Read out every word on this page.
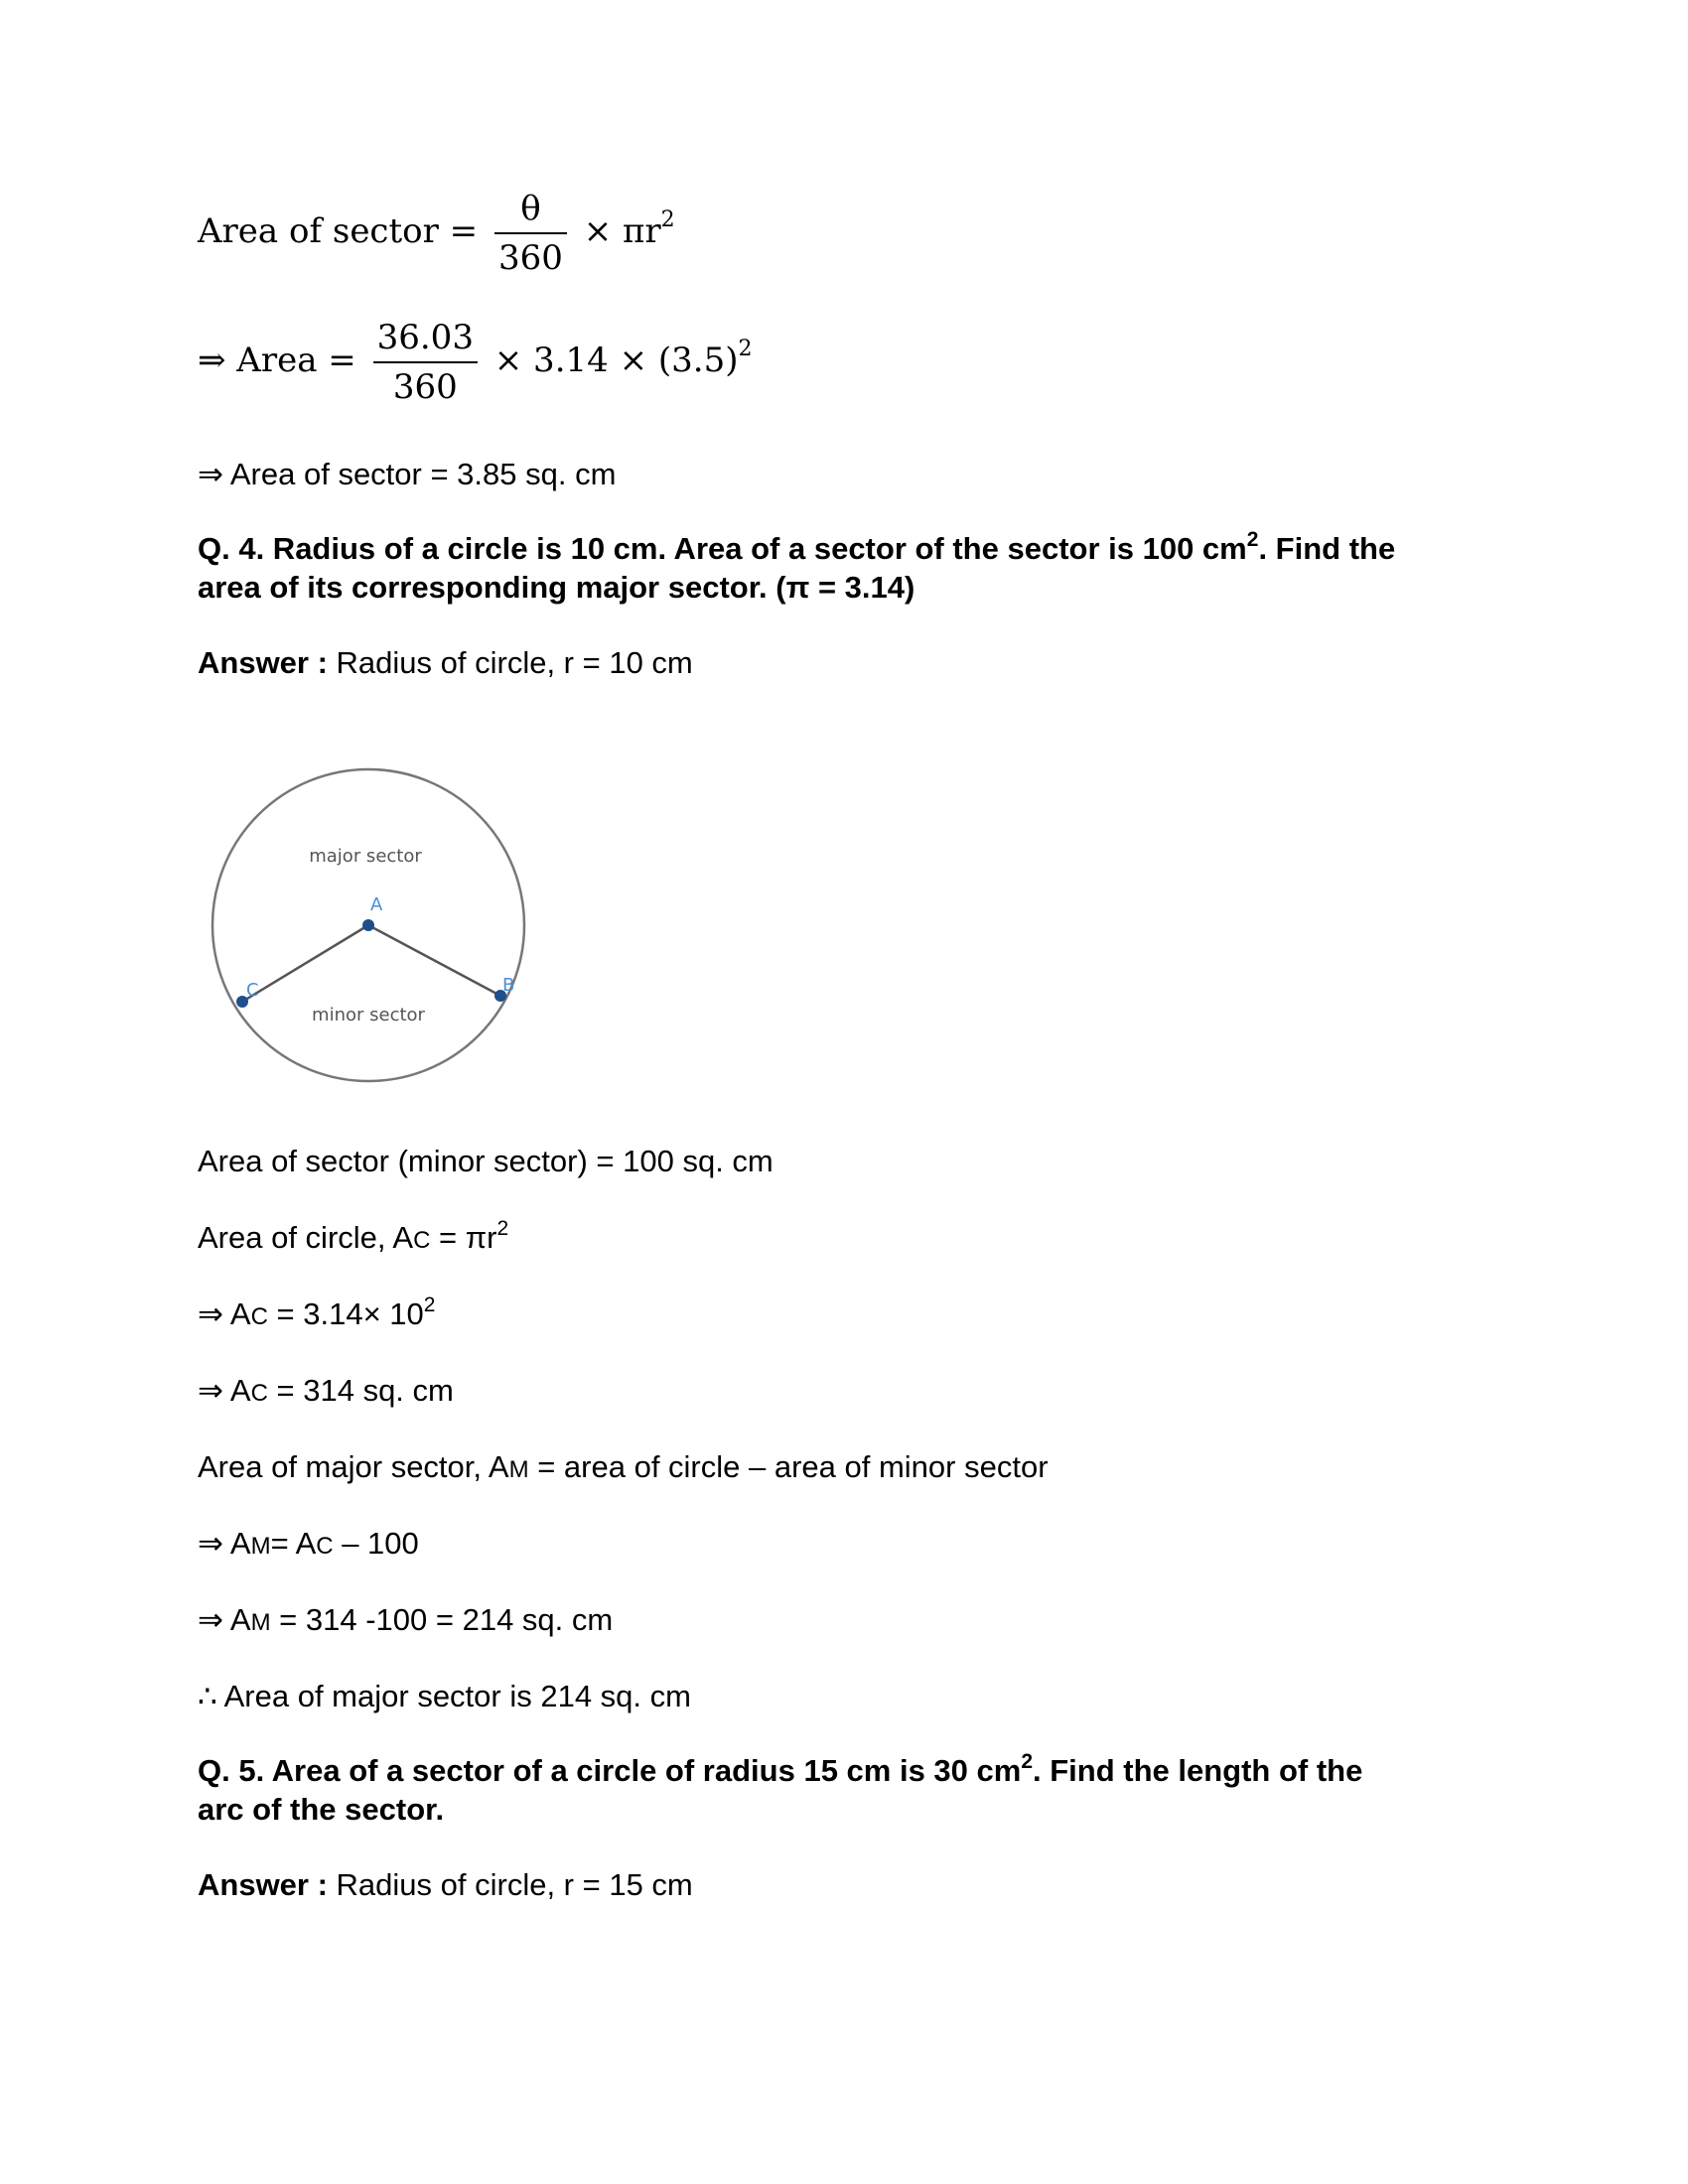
Area of sector = $\frac{\theta}{360} \times \pi r^2$
⇒ Area = $\frac{36.03}{360} \times 3.14 \times (3.5)^2$
⇒ Area of sector = 3.85 sq. cm
Q. 4. Radius of a circle is 10 cm. Area of a sector of the sector is 100 $cm^2$. Find the
area of its corresponding major sector. (π = 3.14)
Answer : Radius of circle, r = 10 cm
major sector
minor sector
A
B
C
Area of sector (minor sector) = 100 sq. cm
Area of circle, AC = $\pi r^2$
⇒ AC = $3.14\times 10^2$
⇒ AC = 314 sq. cm
Area of major sector, AM = area of circle – area of minor sector
⇒ AM= AC – 100
⇒ AM = 314 -100 = 214 sq. cm
∴ Area of major sector is 214 sq. cm
Q. 5. Area of a sector of a circle of radius 15 cm is 30 $cm^2$. Find the length of the
arc of the sector.
Answer : Radius of circle, r = 15 cm
